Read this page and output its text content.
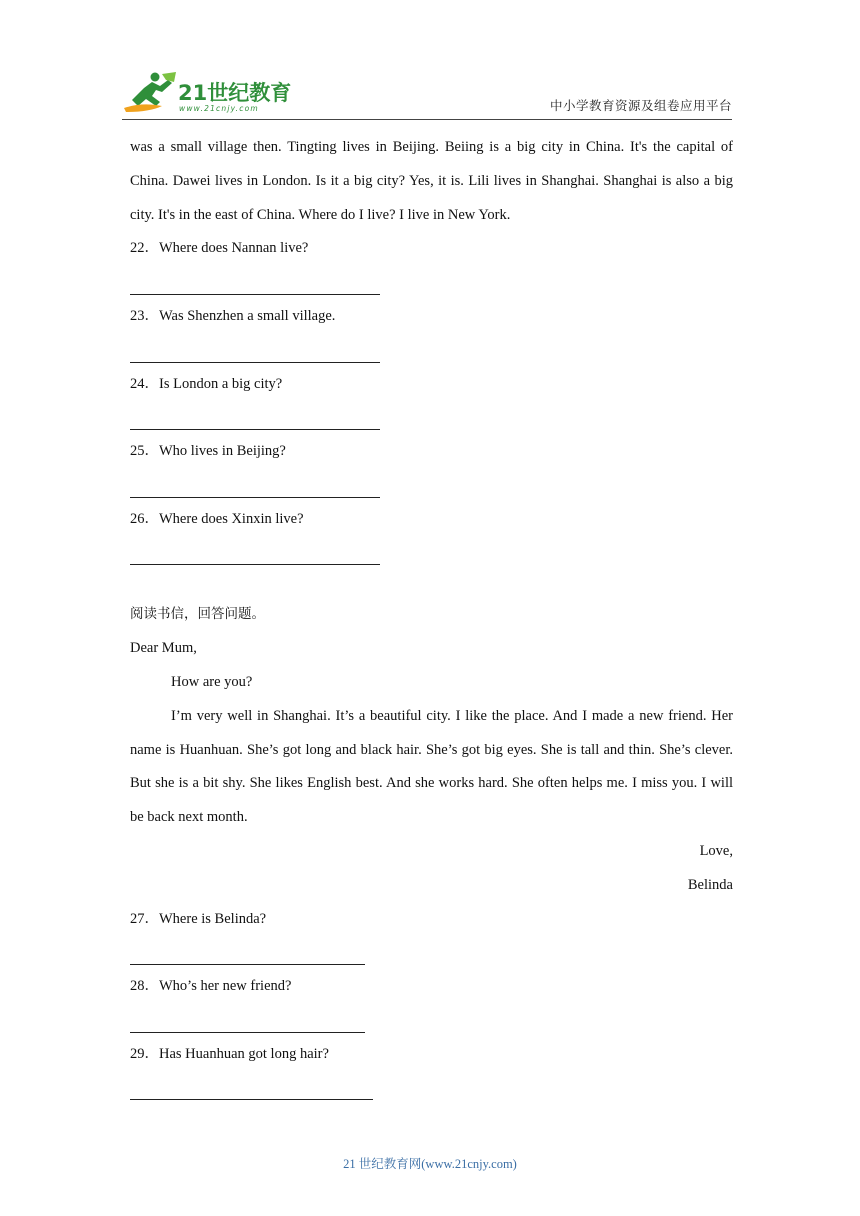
21世纪教育
www.21cnjy.com	中小学教育资源及组卷应用平台

was a small village then. Tingting lives in Beijing. Beiing is a big city in China. It's the capital of China. Dawei lives in London. Is it a big city? Yes, it is. Lili lives in Shanghai. Shanghai is also a big city. It's in the east of China. Where do I live? I live in New York.

22．Where does Nannan live?

23．Was Shenzhen a small village.

24．Is London a big city?

25．Who lives in Beijing?

26．Where does Xinxin live?

阅读书信，回答问题。

Dear Mum,

How are you?

I’m very well in Shanghai. It’s a beautiful city. I like the place. And I made a new friend. Her name is Huanhuan. She’s got long and black hair. She’s got big eyes. She is tall and thin. She’s clever. But she is a bit shy. She likes English best. And she works hard. She often helps me. I miss you. I will be back next month.

Love,

Belinda

27．Where is Belinda?

28．Who’s her new friend?

29．Has Huanhuan got long hair?

21 世纪教育网(www.21cnjy.com)
